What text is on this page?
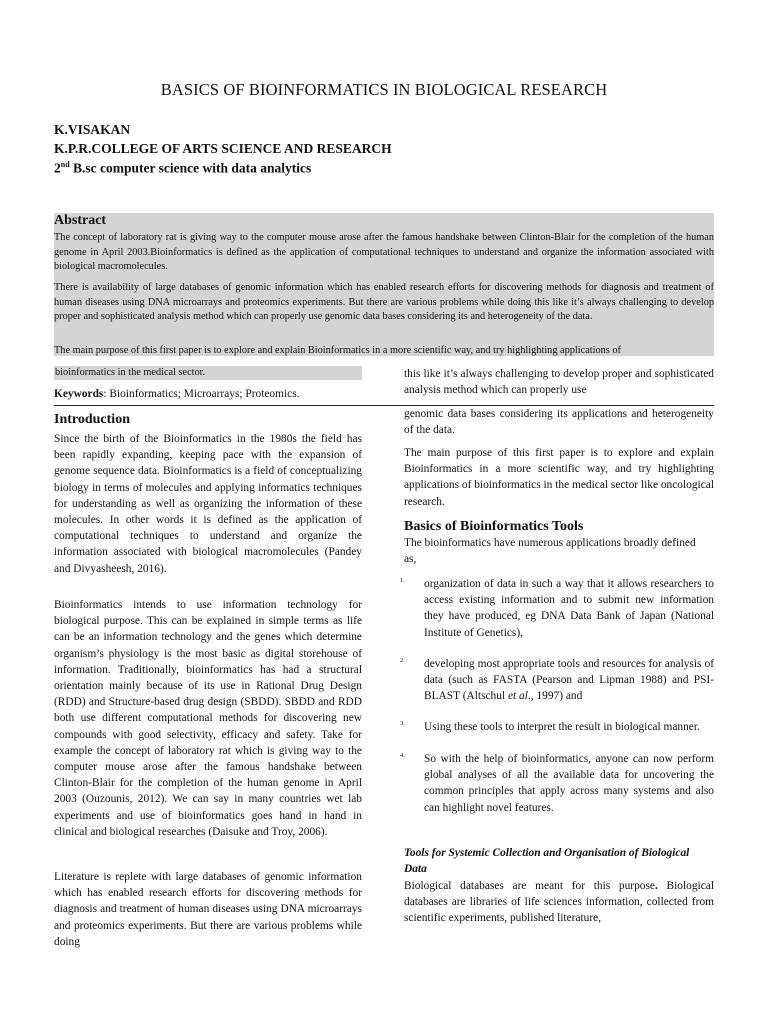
BASICS OF BIOINFORMATICS IN BIOLOGICAL RESEARCH
K.VISAKAN
K.P.R.COLLEGE OF ARTS SCIENCE AND RESEARCH
2nd B.sc computer science with data analytics
Abstract
The concept of laboratory rat is giving way to the computer mouse arose after the famous handshake between Clinton-Blair for the completion of the human genome in April 2003.Bioinformatics is defined as the application of computational techniques to understand and organize the information associated with biological macromolecules.
There is availability of large databases of genomic information which has enabled research efforts for discovering methods for diagnosis and treatment of human diseases using DNA microarrays and proteomics experiments. But there are various problems while doing this like it’s always challenging to develop proper and sophisticated analysis method which can properly use genomic data bases considering its and heterogeneity of the data.
The main purpose of this first paper is to explore and explain Bioinformatics in a more scientific way, and try highlighting applications of
bioinformatics in the medical sector.
Keywords: Bioinformatics; Microarrays; Proteomics.
Introduction
Since the birth of the Bioinformatics in the 1980s the field has been rapidly expanding, keeping pace with the expansion of genome sequence data. Bioinformatics is a field of conceptualizing biology in terms of molecules and applying informatics techniques for understanding as well as organizing the information of these molecules. In other words it is defined as the application of computational techniques to understand and organize the information associated with biological macromolecules (Pandey and Divyasheesh, 2016).
Bioinformatics intends to use information technology for biological purpose. This can be explained in simple terms as life can be an information technology and the genes which determine organism’s physiology is the most basic as digital storehouse of information. Traditionally, bioinformatics has had a structural orientation mainly because of its use in Rational Drug Design (RDD) and Structure-based drug design (SBDD). SBDD and RDD both use different computational methods for discovering new compounds with good selectivity, efficacy and safety. Take for example the concept of laboratory rat which is giving way to the computer mouse arose after the famous handshake between Clinton-Blair for the completion of the human genome in April 2003 (Ouzounis, 2012). We can say in many countries wet lab experiments and use of bioinformatics goes hand in hand in clinical and biological researches (Daisuke and Troy, 2006).
Literature is replete with large databases of genomic information which has enabled research efforts for discovering methods for diagnosis and treatment of human diseases using DNA microarrays and proteomics experiments. But there are various problems while doing
this like it’s always challenging to develop proper and sophisticated analysis method which can properly use
genomic data bases considering its applications and heterogeneity of the data.
The main purpose of this first paper is to explore and explain Bioinformatics in a more scientific way, and try highlighting applications of bioinformatics in the medical sector like oncological research.
Basics of Bioinformatics Tools
The bioinformatics have numerous applications broadly defined as,
1. organization of data in such a way that it allows researchers to access existing information and to submit new information they have produced, eg DNA Data Bank of Japan (National Institute of Genetics),
2. developing most appropriate tools and resources for analysis of data (such as FASTA (Pearson and Lipman 1988) and PSI- BLAST (Altschul et al., 1997) and
3. Using these tools to interpret the result in biological manner.
4. So with the help of bioinformatics, anyone can now perform global analyses of all the available data for uncovering the common principles that apply across many systems and also can highlight novel features.
Tools for Systemic Collection and Organisation of Biological Data
Biological databases are meant for this purpose. Biological databases are libraries of life sciences information, collected from scientific experiments, published literature,
